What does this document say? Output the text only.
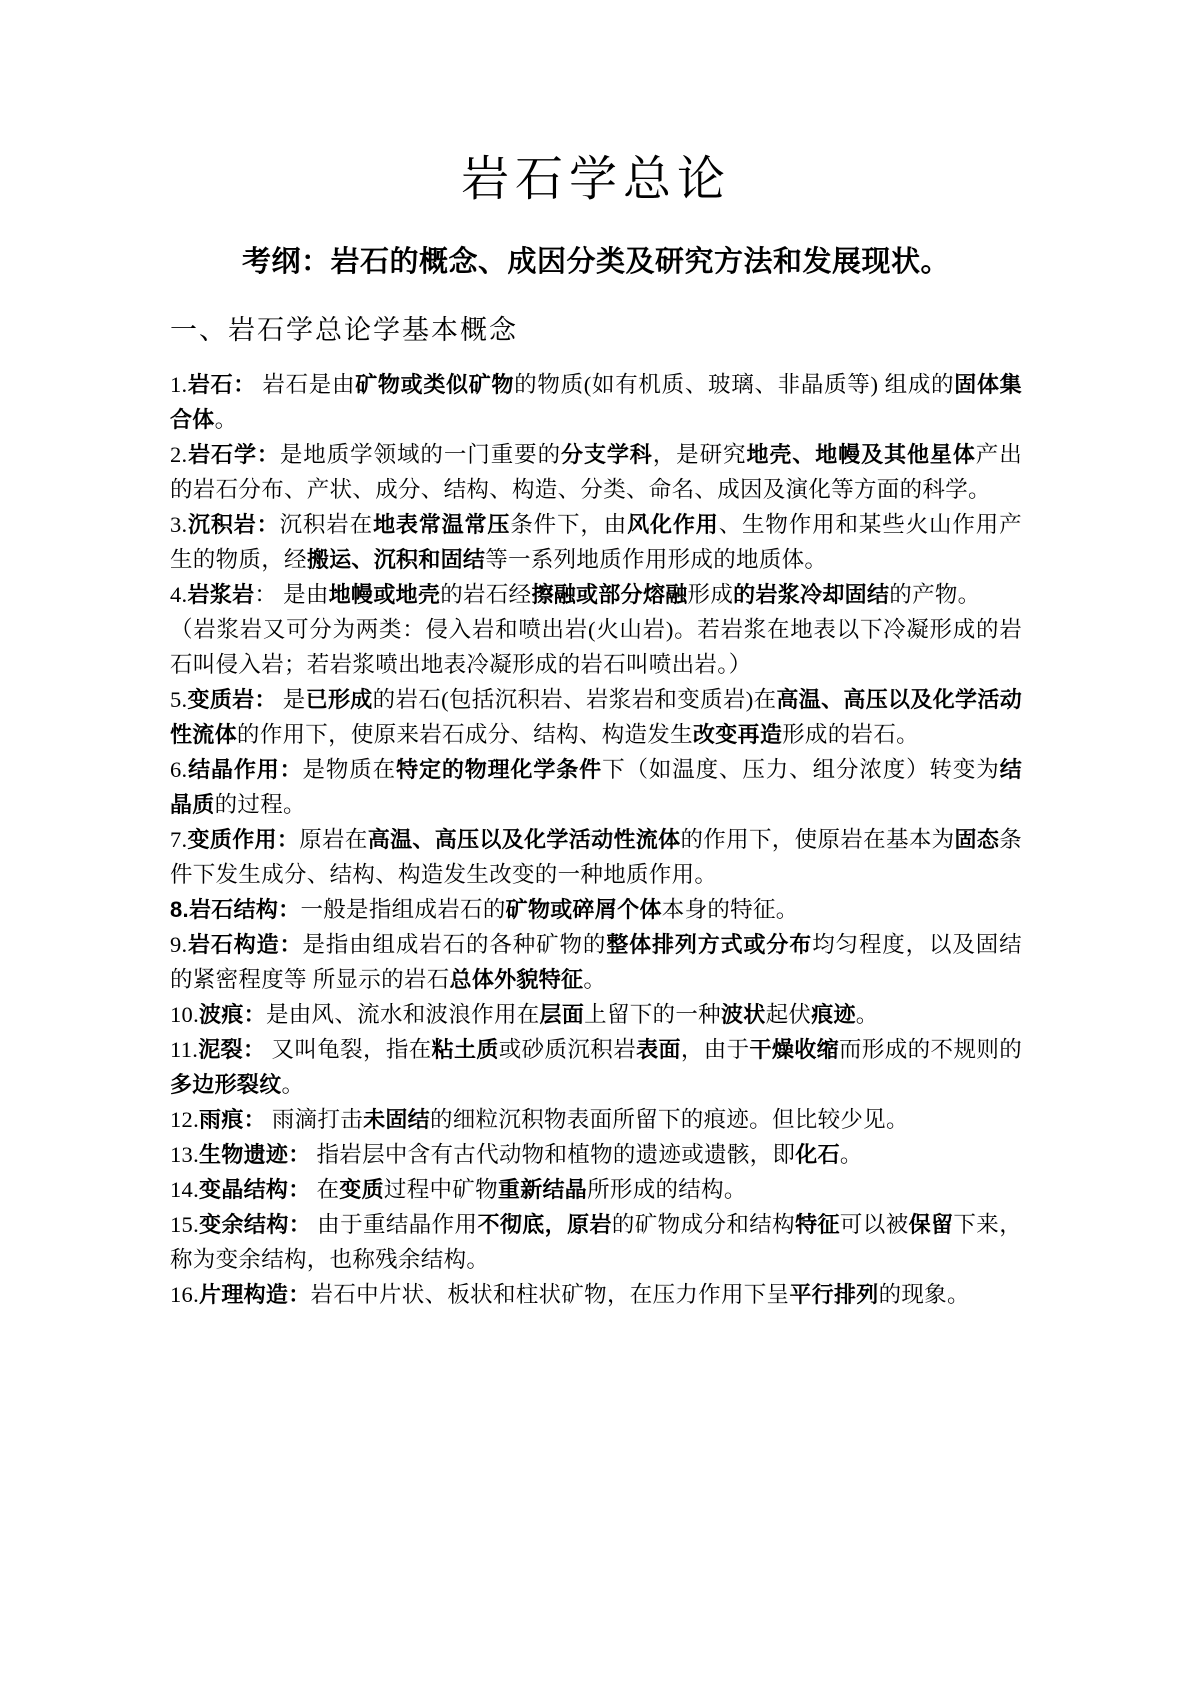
岩石学总论
考纲：岩石的概念、成因分类及研究方法和发展现状。
一、岩石学总论学基本概念

1.岩石： 岩石是由矿物或类似矿物的物质(如有机质、玻璃、非晶质等) 组成的固体集合体。

2.岩石学：是地质学领域的一门重要的分支学科，是研究地壳、地幔及其他星体产出的岩石分布、产状、成分、结构、构造、分类、命名、成因及演化等方面的科学。

3.沉积岩：沉积岩在地表常温常压条件下，由风化作用、生物作用和某些火山作用产生的物质，经搬运、沉积和固结等一系列地质作用形成的地质体。

4.岩浆岩： 是由地幔或地壳的岩石经擦融或部分熔融形成的岩浆冷却固结的产物。

（岩浆岩又可分为两类：侵入岩和喷出岩(火山岩)。若岩浆在地表以下冷凝形成的岩石叫侵入岩；若岩浆喷出地表冷凝形成的岩石叫喷出岩。）

5.变质岩： 是已形成的岩石(包括沉积岩、岩浆岩和变质岩)在高温、高压以及化学活动性流体的作用下，使原来岩石成分、结构、构造发生改变再造形成的岩石。

6.结晶作用：是物质在特定的物理化学条件下（如温度、压力、组分浓度）转变为结晶质的过程。

7.变质作用：原岩在高温、高压以及化学活动性流体的作用下，使原岩在基本为固态条件下发生成分、结构、构造发生改变的一种地质作用。

8.岩石结构：一般是指组成岩石的矿物或碎屑个体本身的特征。

9.岩石构造：是指由组成岩石的各种矿物的整体排列方式或分布均匀程度，以及固结的紧密程度等 所显示的岩石总体外貌特征。

10.波痕：是由风、流水和波浪作用在层面上留下的一种波状起伏痕迹。

11.泥裂： 又叫龟裂，指在粘土质或砂质沉积岩表面，由于干燥收缩而形成的不规则的多边形裂纹。

12.雨痕： 雨滴打击未固结的细粒沉积物表面所留下的痕迹。但比较少见。

13.生物遗迹： 指岩层中含有古代动物和植物的遗迹或遗骸，即化石。

14.变晶结构： 在变质过程中矿物重新结晶所形成的结构。

15.变余结构： 由于重结晶作用不彻底，原岩的矿物成分和结构特征可以被保留下来，称为变余结构，也称残余结构。

16.片理构造：岩石中片状、板状和柱状矿物，在压力作用下呈平行排列的现象。
